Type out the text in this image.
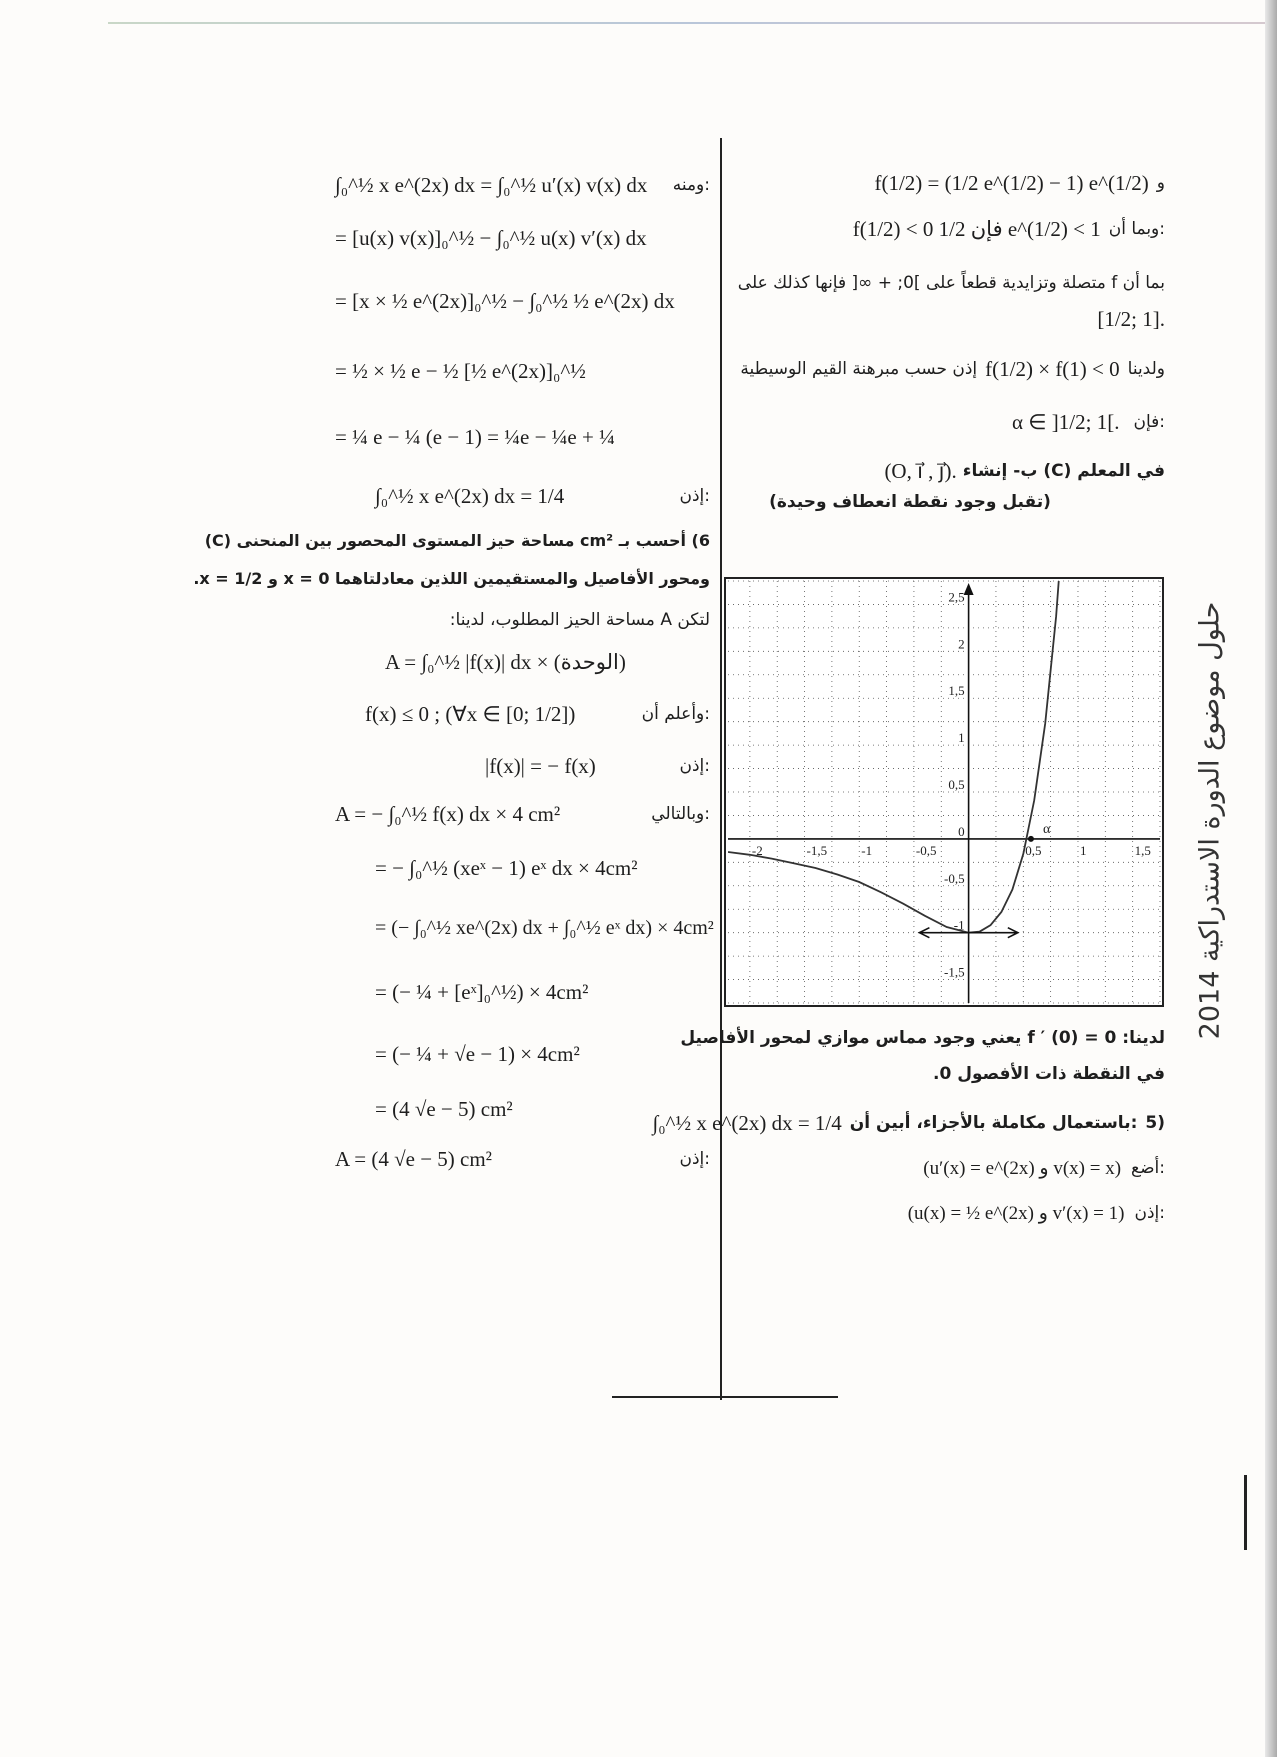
حلول موضوع الدورة الاستدراكية 2014
f(1/2) = (1/2 e^(1/2) − 1) e^(1/2) و
f(1/2) < 0 فإن 1/2 e^(1/2) < 1 وبما أن:
بما أن f متصلة وتزايدية قطعاً على ]0; + ∞[ فإنها كذلك على
[1/2; 1].
إذن حسب مبرهنة القيم الوسيطية f(1/2) × f(1) < 0 ولدينا
α ∈ ]1/2; 1[. فإن:
(O, i⃗ , j⃗). ب- إنشاء (C) في المعلم
(تقبل وجود نقطة انعطاف وحيدة)
-2	-1,5	-1	-0,5	0,5	1	1,5
2,5
2
1,5
1
0,5
0
-0,5
-1
-1,5
α
لدينا: f ′ (0) = 0 يعني وجود مماس موازي لمحور الأفاصيل
في النقطة ذات الأفصول 0.
∫₀^½ x e^(2x) dx = 1/4 باستعمال مكاملة بالأجزاء، أبين أن: 5)
(u′(x) = e^(2x) و v(x) = x) أضع:
(u(x) = ½ e^(2x) و v′(x) = 1) إذن:
∫₀^½ x e^(2x) dx = ∫₀^½ u′(x) v(x) dx ومنه:
= [u(x) v(x)]₀^½ − ∫₀^½ u(x) v′(x) dx
= [x × ½ e^(2x)]₀^½ − ∫₀^½ ½ e^(2x) dx
= ½ × ½ e − ½ [½ e^(2x)]₀^½
= ¼ e − ¼ (e − 1) = ¼e − ¼e + ¼
∫₀^½ x e^(2x) dx = 1/4	إذن:
6) أحسب بـ cm² مساحة حيز المستوى المحصور بين المنحنى (C)
ومحور الأفاصيل والمستقيمين اللذين معادلتاهما x = 0 و x = 1/2.
لتكن A مساحة الحيز المطلوب، لدينا:
A = ∫₀^½ |f(x)| dx × (الوحدة)
f(x) ≤ 0 ; (∀x ∈ [0; 1/2])	وأعلم أن:
|f(x)| = − f(x)	إذن:
A = − ∫₀^½ f(x) dx × 4 cm²	وبالتالي:
= − ∫₀^½ (xeˣ − 1) eˣ dx × 4cm²
= (− ∫₀^½ xe^(2x) dx + ∫₀^½ eˣ dx) × 4cm²
= (− ¼ + [eˣ]₀^½) × 4cm²
= (− ¼ + √e − 1) × 4cm²
= (4 √e − 5) cm²
A = (4 √e − 5) cm²	إذن:
